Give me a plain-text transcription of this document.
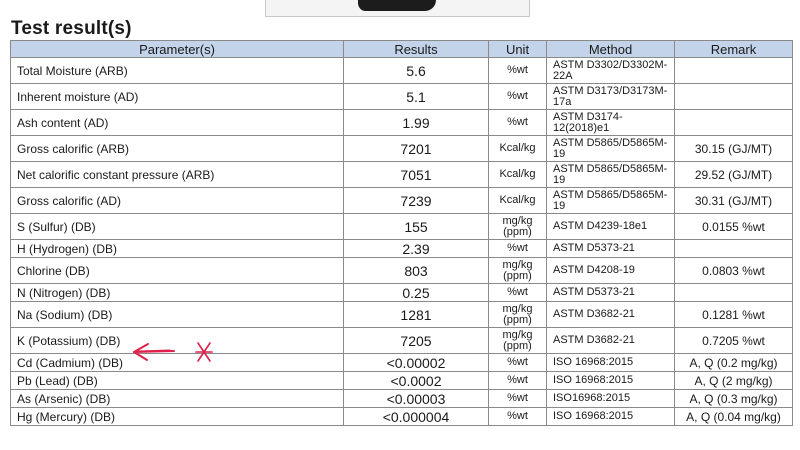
Test result(s)
Parameter(s)	Results	Unit	Method	Remark
Total Moisture (ARB)	5.6	%wt	ASTM D3302/D3302M-22A	
Inherent moisture (AD)	5.1	%wt	ASTM D3173/D3173M-17a	
Ash content (AD)	1.99	%wt	ASTM D3174-12(2018)e1	
Gross calorific (ARB)	7201	Kcal/kg	ASTM D5865/D5865M-19	30.15 (GJ/MT)
Net calorific constant pressure (ARB)	7051	Kcal/kg	ASTM D5865/D5865M-19	29.52 (GJ/MT)
Gross calorific (AD)	7239	Kcal/kg	ASTM D5865/D5865M-19	30.31 (GJ/MT)
S (Sulfur) (DB)	155	mg/kg (ppm)	ASTM D4239-18e1	0.0155 %wt
H (Hydrogen) (DB)	2.39	%wt	ASTM D5373-21	
Chlorine (DB)	803	mg/kg (ppm)	ASTM D4208-19	0.0803 %wt
N (Nitrogen) (DB)	0.25	%wt	ASTM D5373-21	
Na (Sodium) (DB)	1281	mg/kg (ppm)	ASTM D3682-21	0.1281 %wt
K (Potassium) (DB)	7205	mg/kg (ppm)	ASTM D3682-21	0.7205 %wt
Cd (Cadmium) (DB)	<0.00002	%wt	ISO 16968:2015	A, Q (0.2 mg/kg)
Pb (Lead) (DB)	<0.0002	%wt	ISO 16968:2015	A, Q (2 mg/kg)
As (Arsenic) (DB)	<0.00003	%wt	ISO16968:2015	A, Q (0.3 mg/kg)
Hg (Mercury) (DB)	<0.000004	%wt	ISO 16968:2015	A, Q (0.04 mg/kg)
